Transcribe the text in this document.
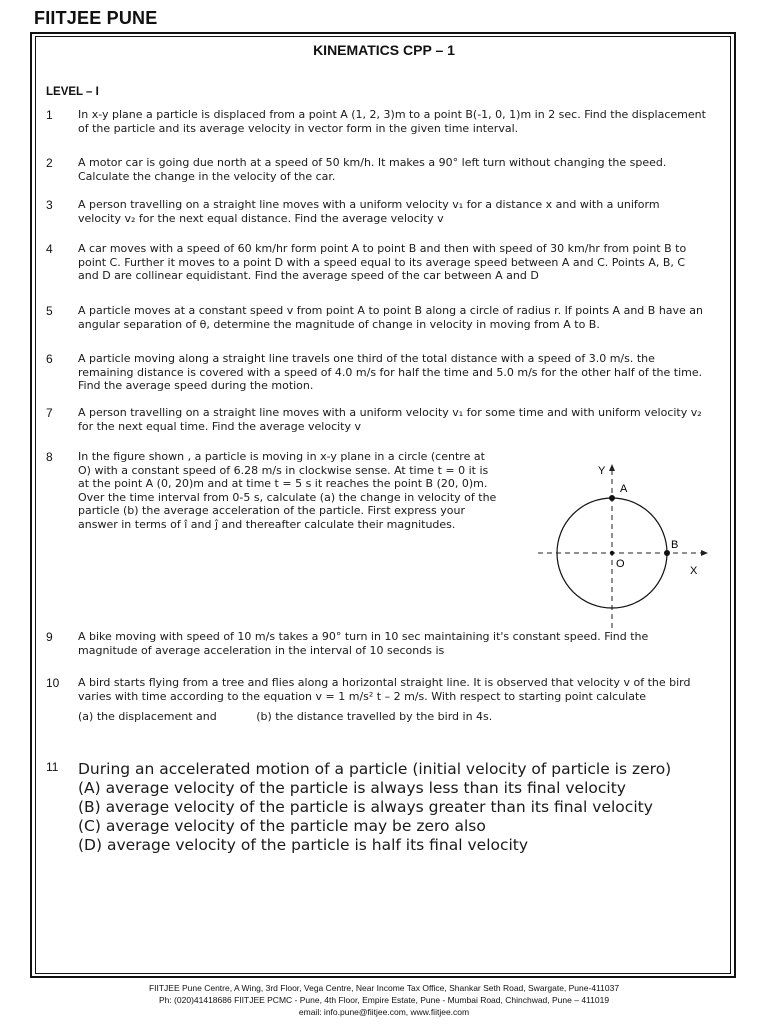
FIITJEE PUNE
KINEMATICS CPP – 1
LEVEL – I
1	In x-y plane a particle is displaced from a point A (1, 2, 3)m to a point B(-1, 0, 1)m in 2 sec. Find the displacement of the particle and its average velocity in vector form in the given time interval.
2	A motor car is going due north at a speed of 50 km/h. It makes a 90° left turn without changing the speed. Calculate the change in the velocity of the car.
3	A person travelling on a straight line moves with a uniform velocity v₁ for a distance x and with a uniform velocity v₂ for the next equal distance. Find the average velocity v
4	A car moves with a speed of 60 km/hr form point A to point B and then with speed of 30 km/hr from point B to point C. Further it moves to a point D with a speed equal to its average speed between A and C. Points A, B, C and D are collinear equidistant. Find the average speed of the car between A and D
5	A particle moves at a constant speed v from point A to point B along a circle of radius r. If points A and B have an angular separation of θ, determine the magnitude of change in velocity in moving from A to B.
6	A particle moving along a straight line travels one third of the total distance with a speed of 3.0 m/s. the remaining distance is covered with a speed of 4.0 m/s for half the time and 5.0 m/s for the other half of the time. Find the average speed during the motion.
7	A person travelling on a straight line moves with a uniform velocity v₁ for some time and with uniform velocity v₂ for the next equal time. Find the average velocity v
8	In the figure shown , a particle is moving in x-y plane in a circle (centre at O) with a constant speed of 6.28 m/s in clockwise sense. At time t = 0 it is at the point A (0, 20)m and at time t = 5 s it reaches the point B (20, 0)m. Over the time interval from 0-5 s, calculate (a) the change in velocity of the particle (b) the average acceleration of the particle. First express your answer in terms of î and ĵ and thereafter calculate their magnitudes.
Y
X
A
B
O
9	A bike moving with speed of 10 m/s takes a 90° turn in 10 sec maintaining it's constant speed. Find the magnitude of average acceleration in the interval of 10 seconds is
10	A bird starts flying from a tree and flies along a horizontal straight line. It is observed that velocity v of the bird varies with time according to the equation v = 1 m/s² t – 2 m/s. With respect to starting point calculate
(a) the displacement and	(b) the distance travelled by the bird in 4s.
11	During an accelerated motion of a particle (initial velocity of particle is zero)
(A) average velocity of the particle is always less than its final velocity
(B) average velocity of the particle is always greater than its final velocity
(C) average velocity of the particle may be zero also
(D) average velocity of the particle is half its final velocity
FIITJEE Pune Centre, A Wing, 3rd Floor, Vega Centre, Near Income Tax Office, Shankar Seth Road, Swargate, Pune-411037
Ph: (020)41418686 FIITJEE PCMC - Pune, 4th Floor, Empire Estate, Pune - Mumbai Road, Chinchwad, Pune – 411019
email: info.pune@fiitjee.com, www.fiitjee.com
